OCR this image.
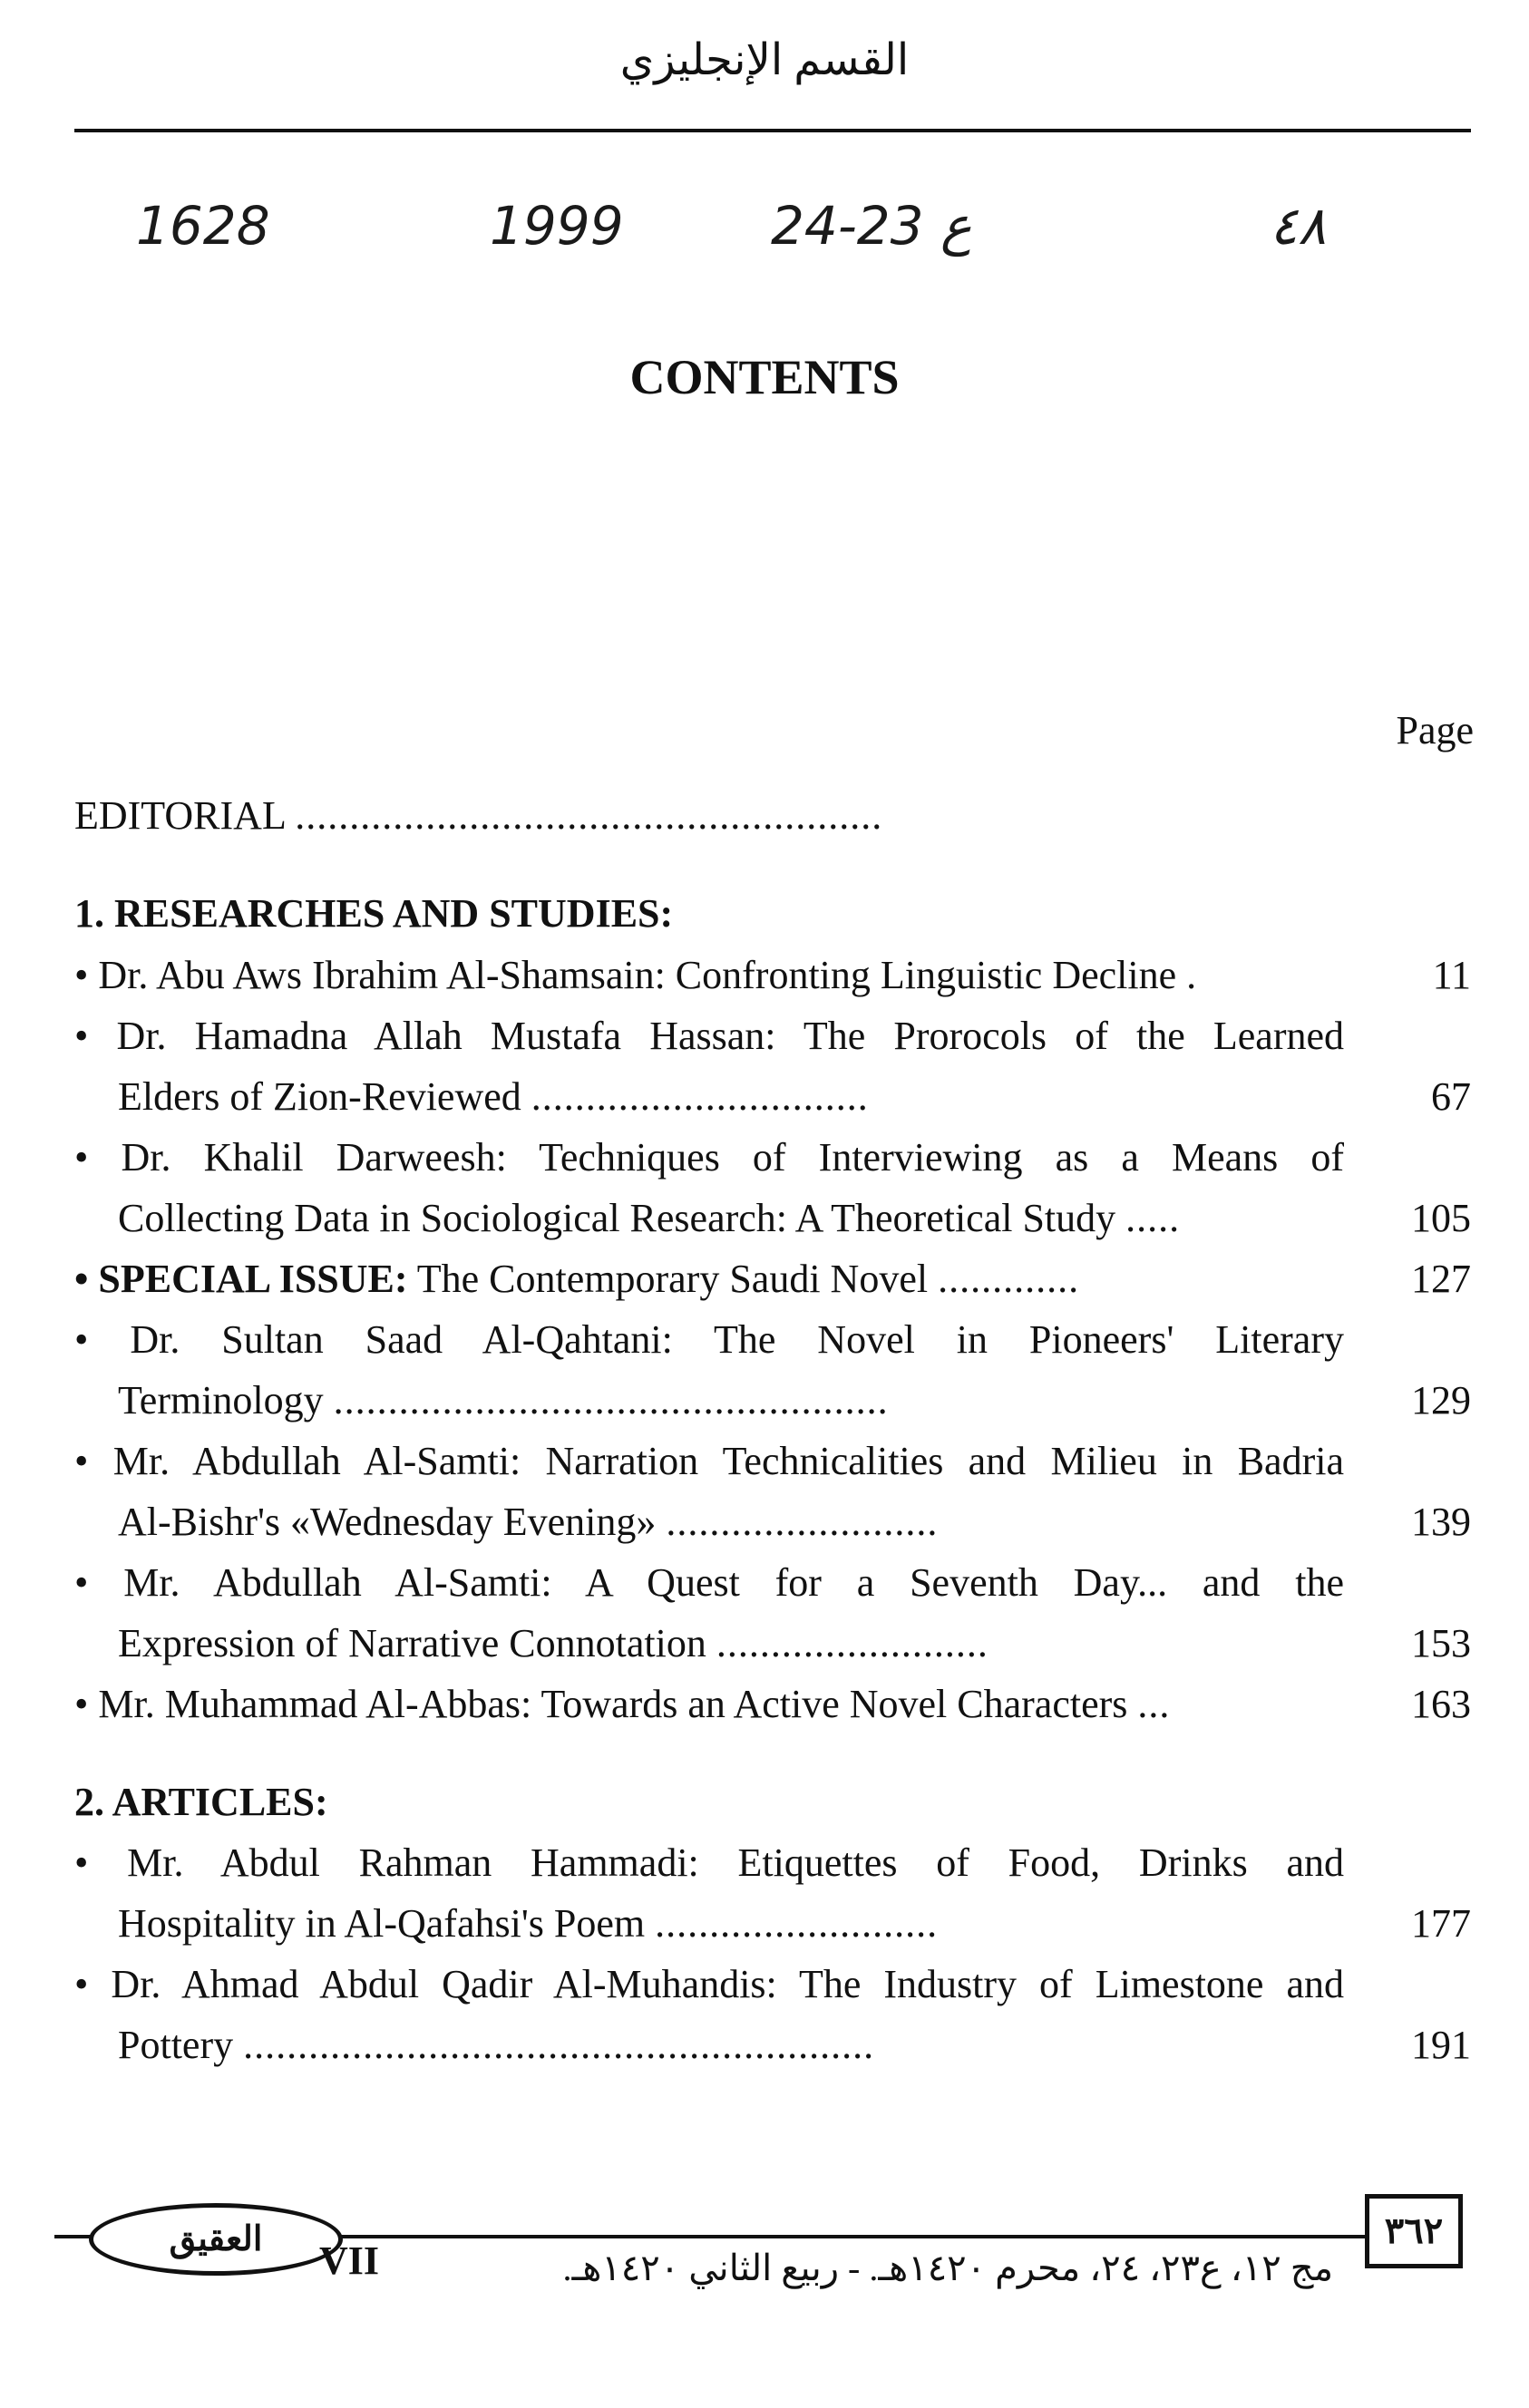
القسم الإنجليزي
1628	1999	ع 23-24	٤٨
CONTENTS
Page
EDITORIAL ......................................................
1. RESEARCHES AND STUDIES:
• Dr. Abu Aws Ibrahim Al-Shamsain: Confronting Linguistic Decline .	11
• Dr. Hamadna Allah Mustafa Hassan: The Prorocols of the Learned
Elders of Zion-Reviewed ...............................	67
• Dr. Khalil Darweesh: Techniques of Interviewing as a Means of
Collecting Data in Sociological Research: A Theoretical Study .....	105
• SPECIAL ISSUE: The Contemporary Saudi Novel .............	127
• Dr. Sultan Saad Al-Qahtani: The Novel in Pioneers' Literary
Terminology ...................................................	129
• Mr. Abdullah Al-Samti: Narration Technicalities and Milieu in Badria
Al-Bishr's «Wednesday Evening» .........................	139
• Mr. Abdullah Al-Samti: A Quest for a Seventh Day... and the
Expression of Narrative Connotation .........................	153
• Mr. Muhammad Al-Abbas: Towards an Active Novel Characters ...	163
2. ARTICLES:
• Mr. Abdul Rahman Hammadi: Etiquettes of Food, Drinks and
Hospitality in Al-Qafahsi's Poem ..........................	177
• Dr. Ahmad Abdul Qadir Al-Muhandis: The Industry of Limestone and
Pottery ..........................................................	191
العقيق	VII	مج ١٢، ع٢٣، ٢٤، محرم ١٤٢٠هـ. - ربيع الثاني ١٤٢٠هـ.
٣٦٢
